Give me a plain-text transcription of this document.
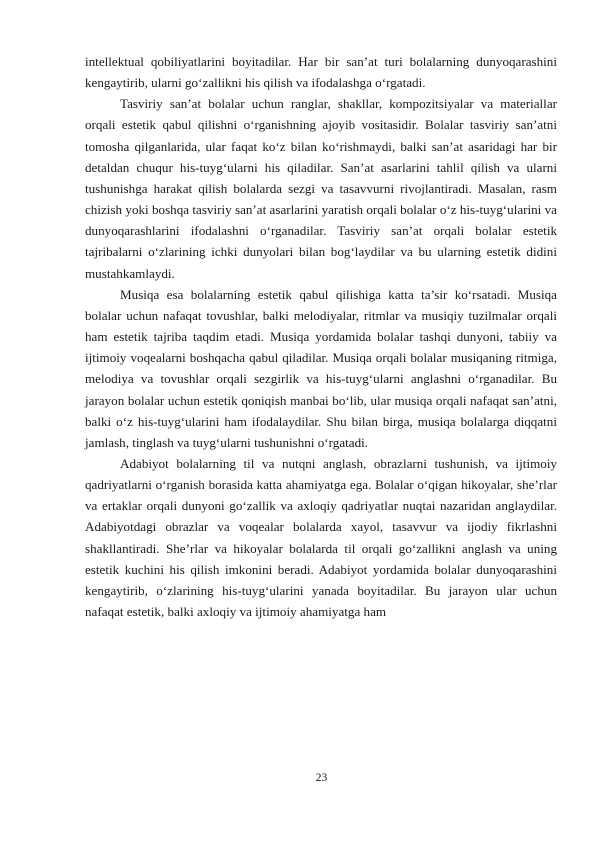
intellektual qobiliyatlarini boyitadilar. Har bir san’at turi bolalarning dunyoqarashini kengaytirib, ularni go‘zallikni his qilish va ifodalashga o‘rgatadi.

Tasviriy san’at bolalar uchun ranglar, shakllar, kompozitsiyalar va materiallar orqali estetik qabul qilishni o‘rganishning ajoyib vositasidir. Bolalar tasviriy san’atni tomosha qilganlarida, ular faqat ko‘z bilan ko‘rishmaydi, balki san’at asaridagi har bir detaldan chuqur his-tuyg‘ularni his qiladilar. San’at asarlarini tahlil qilish va ularni tushunishga harakat qilish bolalarda sezgi va tasavvurni rivojlantiradi. Masalan, rasm chizish yoki boshqa tasviriy san’at asarlarini yaratish orqali bolalar o‘z his-tuyg‘ularini va dunyoqarashlarini ifodalashni o‘rganadilar. Tasviriy san’at orqali bolalar estetik tajribalarni o‘zlarining ichki dunyolari bilan bog‘laydilar va bu ularning estetik didini mustahkamlaydi.

Musiqa esa bolalarning estetik qabul qilishiga katta ta’sir ko‘rsatadi. Musiqa bolalar uchun nafaqat tovushlar, balki melodiyalar, ritmlar va musiqiy tuzilmalar orqali ham estetik tajriba taqdim etadi. Musiqa yordamida bolalar tashqi dunyoni, tabiiy va ijtimoiy voqealarni boshqacha qabul qiladilar. Musiqa orqali bolalar musiqaning ritmiga, melodiya va tovushlar orqali sezgirlik va his-tuyg‘ularni anglashni o‘rganadilar. Bu jarayon bolalar uchun estetik qoniqish manbai bo‘lib, ular musiqa orqali nafaqat san’atni, balki o‘z his-tuyg‘ularini ham ifodalaydilar. Shu bilan birga, musiqa bolalarga diqqatni jamlash, tinglash va tuyg‘ularni tushunishni o‘rgatadi.

Adabiyot bolalarning til va nutqni anglash, obrazlarni tushunish, va ijtimoiy qadriyatlarni o‘rganish borasida katta ahamiyatga ega. Bolalar o‘qigan hikoyalar, she’rlar va ertaklar orqali dunyoni go‘zallik va axloqiy qadriyatlar nuqtai nazaridan anglaydilar. Adabiyotdagi obrazlar va voqealar bolalarda xayol, tasavvur va ijodiy fikrlashni shakllantiradi. She’rlar va hikoyalar bolalarda til orqali go‘zallikni anglash va uning estetik kuchini his qilish imkonini beradi. Adabiyot yordamida bolalar dunyoqarashini kengaytirib, o‘zlarining his-tuyg‘ularini yanada boyitadilar. Bu jarayon ular uchun nafaqat estetik, balki axloqiy va ijtimoiy ahamiyatga ham

23
